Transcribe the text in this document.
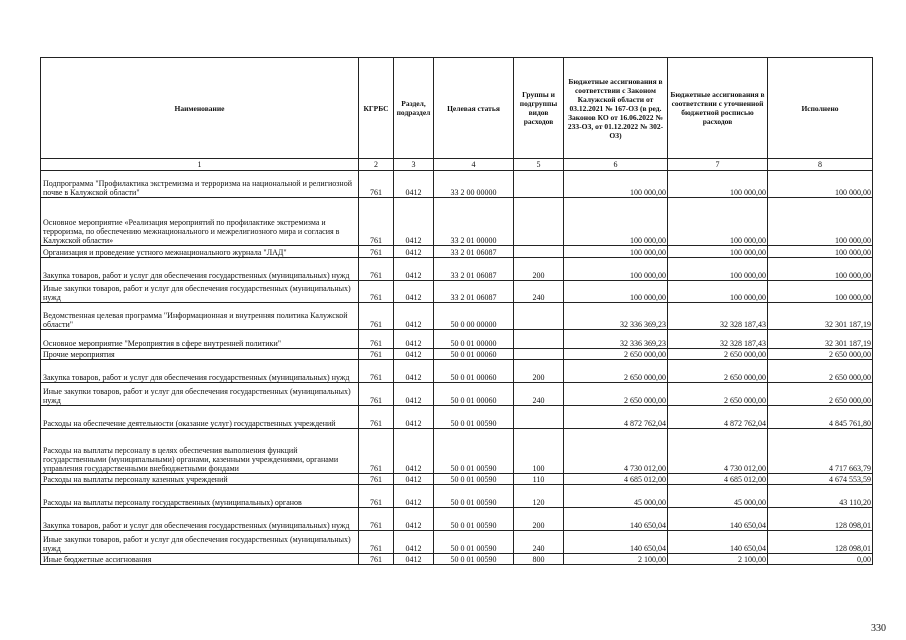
Наименование	КГРБС	Раздел, подраздел	Целевая статья	Группы и подгруппы видов расходов	Бюджетные ассигнования в соответствии с Законом Калужской области от 03.12.2021 № 167-ОЗ (в ред. Законов КО от 16.06.2022 № 233-ОЗ, от 01.12.2022 № 302-ОЗ)	Бюджетные ассигнования в соответствии с уточненной бюджетной росписью расходов	Исполнено
1	2	3	4	5	6	7	8
Подпрограмма "Профилактика экстремизма и терроризма на национальной и религиозной почве в Калужской области"	761	0412	33 2 00 00000		100 000,00	100 000,00	100 000,00
Основное мероприятие «Реализация мероприятий по профилактике экстремизма и терроризма, по обеспечению межнационального и межрелигиозного мира и согласия в Калужской области»	761	0412	33 2 01 00000		100 000,00	100 000,00	100 000,00
Организация и проведение устного межнационального журнала "ЛАД"	761	0412	33 2 01 06087		100 000,00	100 000,00	100 000,00
Закупка товаров, работ и услуг для обеспечения государственных (муниципальных) нужд	761	0412	33 2 01 06087	200	100 000,00	100 000,00	100 000,00
Иные закупки товаров, работ и услуг для обеспечения государственных (муниципальных) нужд	761	0412	33 2 01 06087	240	100 000,00	100 000,00	100 000,00
Ведомственная целевая программа "Информационная и внутренняя политика Калужской области"	761	0412	50 0 00 00000		32 336 369,23	32 328 187,43	32 301 187,19
Основное мероприятие "Мероприятия в сфере внутренней политики"	761	0412	50 0 01 00000		32 336 369,23	32 328 187,43	32 301 187,19
Прочие мероприятия	761	0412	50 0 01 00060		2 650 000,00	2 650 000,00	2 650 000,00
Закупка товаров, работ и услуг для обеспечения государственных (муниципальных) нужд	761	0412	50 0 01 00060	200	2 650 000,00	2 650 000,00	2 650 000,00
Иные закупки товаров, работ и услуг для обеспечения государственных (муниципальных) нужд	761	0412	50 0 01 00060	240	2 650 000,00	2 650 000,00	2 650 000,00
Расходы на обеспечение деятельности (оказание услуг) государственных учреждений	761	0412	50 0 01 00590		4 872 762,04	4 872 762,04	4 845 761,80
Расходы на выплаты персоналу в целях обеспечения выполнения функций государственными (муниципальными) органами, казенными учреждениями, органами управления государственными внебюджетными фондами	761	0412	50 0 01 00590	100	4 730 012,00	4 730 012,00	4 717 663,79
Расходы на выплаты персоналу казенных учреждений	761	0412	50 0 01 00590	110	4 685 012,00	4 685 012,00	4 674 553,59
Расходы на выплаты персоналу государственных (муниципальных) органов	761	0412	50 0 01 00590	120	45 000,00	45 000,00	43 110,20
Закупка товаров, работ и услуг для обеспечения государственных (муниципальных) нужд	761	0412	50 0 01 00590	200	140 650,04	140 650,04	128 098,01
Иные закупки товаров, работ и услуг для обеспечения государственных (муниципальных) нужд	761	0412	50 0 01 00590	240	140 650,04	140 650,04	128 098,01
Иные бюджетные ассигнования	761	0412	50 0 01 00590	800	2 100,00	2 100,00	0,00
330
